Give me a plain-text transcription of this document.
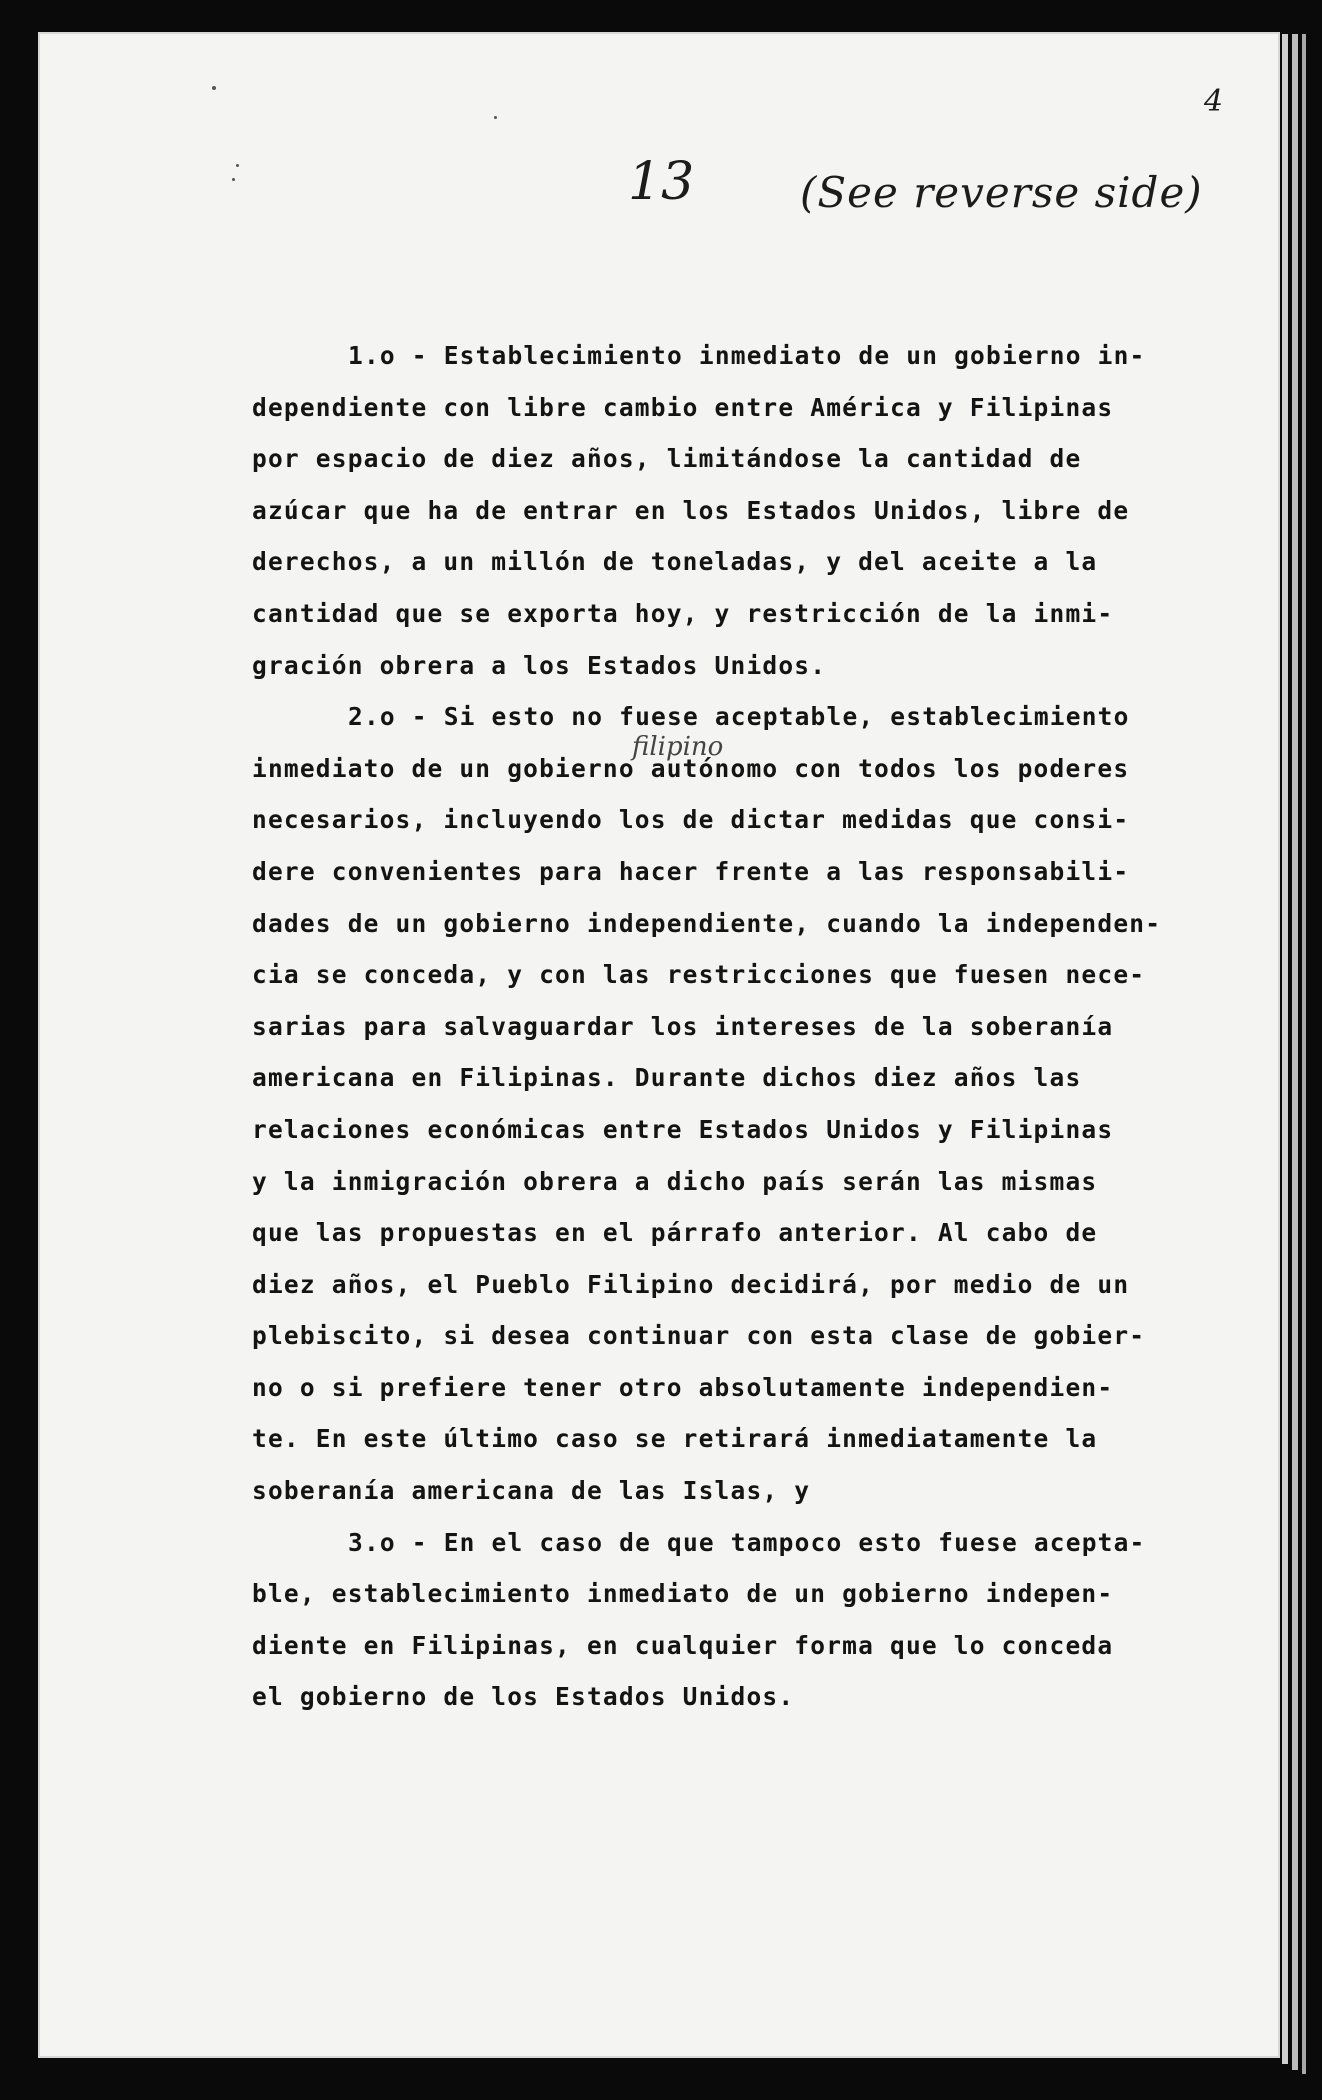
4
13	(See reverse side)
filipino
1.o - Establecimiento inmediato de un gobierno in-
dependiente con libre cambio entre América y Filipinas
por espacio de diez años, limitándose la cantidad de
azúcar que ha de entrar en los Estados Unidos, libre de
derechos, a un millón de toneladas, y del aceite a la
cantidad que se exporta hoy, y restricción de la inmi-
gración obrera a los Estados Unidos.
2.o - Si esto no fuese aceptable, establecimiento
inmediato de un gobierno autónomo con todos los poderes
necesarios, incluyendo los de dictar medidas que consi-
dere convenientes para hacer frente a las responsabili-
dades de un gobierno independiente, cuando la independen-
cia se conceda, y con las restricciones que fuesen nece-
sarias para salvaguardar los intereses de la soberanía
americana en Filipinas. Durante dichos diez años las
relaciones económicas entre Estados Unidos y Filipinas
y la inmigración obrera a dicho país serán las mismas
que las propuestas en el párrafo anterior. Al cabo de
diez años, el Pueblo Filipino decidirá, por medio de un
plebiscito, si desea continuar con esta clase de gobier-
no o si prefiere tener otro absolutamente independien-
te. En este último caso se retirará inmediatamente la
soberanía americana de las Islas, y
3.o - En el caso de que tampoco esto fuese acepta-
ble, establecimiento inmediato de un gobierno indepen-
diente en Filipinas, en cualquier forma que lo conceda
el gobierno de los Estados Unidos.
